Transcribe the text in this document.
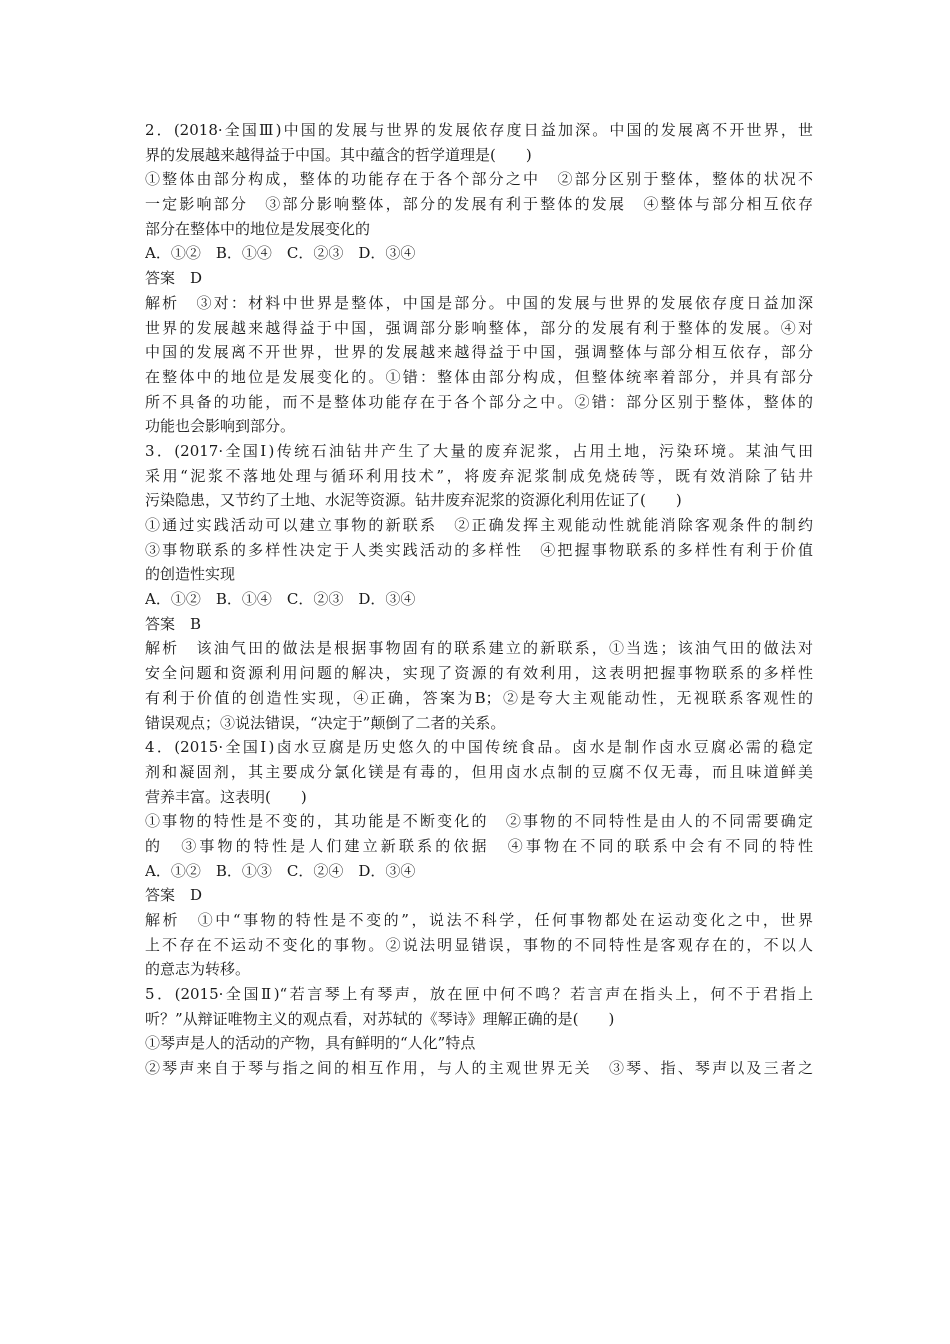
2．(2018·全国Ⅲ)中国的发展与世界的发展依存度日益加深。中国的发展离不开世界，世
界的发展越来越得益于中国。其中蕴含的哲学道理是(　　)
①整体由部分构成，整体的功能存在于各个部分之中　②部分区别于整体，整体的状况不
一定影响部分　③部分影响整体，部分的发展有利于整体的发展　④整体与部分相互依存
部分在整体中的地位是发展变化的
A．①②　B．①④　C．②③　D．③④
答案　D
解析　③对：材料中世界是整体，中国是部分。中国的发展与世界的发展依存度日益加深
世界的发展越来越得益于中国，强调部分影响整体，部分的发展有利于整体的发展。④对
中国的发展离不开世界，世界的发展越来越得益于中国，强调整体与部分相互依存，部分
在整体中的地位是发展变化的。①错：整体由部分构成，但整体统率着部分，并具有部分
所不具备的功能，而不是整体功能存在于各个部分之中。②错：部分区别于整体，整体的
功能也会影响到部分。
3．(2017·全国Ⅰ)传统石油钻井产生了大量的废弃泥浆，占用土地，污染环境。某油气田
采用“泥浆不落地处理与循环利用技术”，将废弃泥浆制成免烧砖等，既有效消除了钻井
污染隐患，又节约了土地、水泥等资源。钻井废弃泥浆的资源化利用佐证了(　　)
①通过实践活动可以建立事物的新联系　②正确发挥主观能动性就能消除客观条件的制约
③事物联系的多样性决定于人类实践活动的多样性　④把握事物联系的多样性有利于价值
的创造性实现
A．①②　B．①④　C．②③　D．③④
答案　B
解析　该油气田的做法是根据事物固有的联系建立的新联系，①当选；该油气田的做法对
安全问题和资源利用问题的解决，实现了资源的有效利用，这表明把握事物联系的多样性
有利于价值的创造性实现，④正确，答案为B；②是夸大主观能动性，无视联系客观性的
错误观点；③说法错误，“决定于”颠倒了二者的关系。
4．(2015·全国Ⅰ)卤水豆腐是历史悠久的中国传统食品。卤水是制作卤水豆腐必需的稳定
剂和凝固剂，其主要成分氯化镁是有毒的，但用卤水点制的豆腐不仅无毒，而且味道鲜美
营养丰富。这表明(　　)
①事物的特性是不变的，其功能是不断变化的　②事物的不同特性是由人的不同需要确定
的　③事物的特性是人们建立新联系的依据　④事物在不同的联系中会有不同的特性
A．①②　B．①③　C．②④　D．③④
答案　D
解析　①中“事物的特性是不变的”，说法不科学，任何事物都处在运动变化之中，世界
上不存在不运动不变化的事物。②说法明显错误，事物的不同特性是客观存在的，不以人
的意志为转移。
5．(2015·全国Ⅱ)“若言琴上有琴声，放在匣中何不鸣？若言声在指头上，何不于君指上
听？”从辩证唯物主义的观点看，对苏轼的《琴诗》理解正确的是(　　)
①琴声是人的活动的产物，具有鲜明的“人化”特点
②琴声来自于琴与指之间的相互作用，与人的主观世界无关　③琴、指、琴声以及三者之
